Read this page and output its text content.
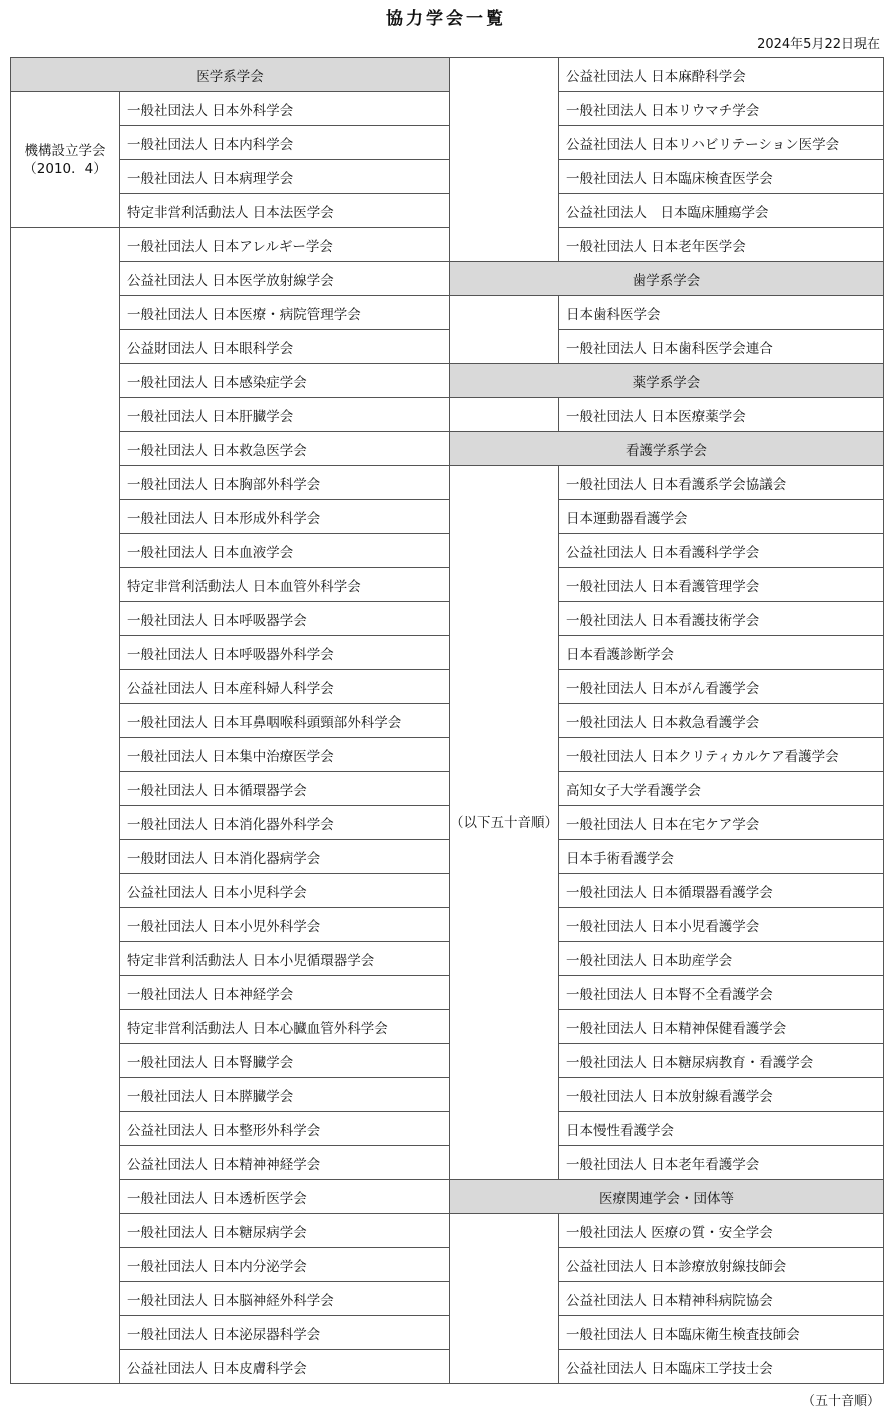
協力学会一覧
2024年5月22日現在
医学系学会
機構設立学会
（2010．4）
一般社団法人 日本外科学会
一般社団法人 日本内科学会
一般社団法人 日本病理学会
特定非営利活動法人 日本法医学会
一般社団法人 日本アレルギー学会
公益社団法人 日本医学放射線学会
一般社団法人 日本医療・病院管理学会
公益財団法人 日本眼科学会
一般社団法人 日本感染症学会
一般社団法人 日本肝臓学会
一般社団法人 日本救急医学会
一般社団法人 日本胸部外科学会
一般社団法人 日本形成外科学会
一般社団法人 日本血液学会
特定非営利活動法人 日本血管外科学会
一般社団法人 日本呼吸器学会
一般社団法人 日本呼吸器外科学会
公益社団法人 日本産科婦人科学会
一般社団法人 日本耳鼻咽喉科頭頸部外科学会
一般社団法人 日本集中治療医学会
一般社団法人 日本循環器学会
一般社団法人 日本消化器外科学会
一般財団法人 日本消化器病学会
公益社団法人 日本小児科学会
一般社団法人 日本小児外科学会
特定非営利活動法人 日本小児循環器学会
一般社団法人 日本神経学会
特定非営利活動法人 日本心臓血管外科学会
一般社団法人 日本腎臓学会
一般社団法人 日本膵臓学会
公益社団法人 日本整形外科学会
公益社団法人 日本精神神経学会
一般社団法人 日本透析医学会
一般社団法人 日本糖尿病学会
一般社団法人 日本内分泌学会
一般社団法人 日本脳神経外科学会
一般社団法人 日本泌尿器科学会
公益社団法人 日本皮膚科学会
公益社団法人 日本麻酔科学会
一般社団法人 日本リウマチ学会
公益社団法人 日本リハビリテーション医学会
一般社団法人 日本臨床検査医学会
公益社団法人　日本臨床腫瘍学会
一般社団法人 日本老年医学会
歯学系学会
日本歯科医学会
一般社団法人 日本歯科医学会連合
薬学系学会
一般社団法人 日本医療薬学会
看護学系学会
一般社団法人 日本看護系学会協議会
日本運動器看護学会
公益社団法人 日本看護科学学会
一般社団法人 日本看護管理学会
一般社団法人 日本看護技術学会
日本看護診断学会
一般社団法人 日本がん看護学会
一般社団法人 日本救急看護学会
一般社団法人 日本クリティカルケア看護学会
高知女子大学看護学会
一般社団法人 日本在宅ケア学会
日本手術看護学会
一般社団法人 日本循環器看護学会
一般社団法人 日本小児看護学会
一般社団法人 日本助産学会
一般社団法人 日本腎不全看護学会
一般社団法人 日本精神保健看護学会
一般社団法人 日本糖尿病教育・看護学会
一般社団法人 日本放射線看護学会
日本慢性看護学会
一般社団法人 日本老年看護学会
医療関連学会・団体等
一般社団法人 医療の質・安全学会
公益社団法人 日本診療放射線技師会
公益社団法人 日本精神科病院協会
一般社団法人 日本臨床衛生検査技師会
公益社団法人 日本臨床工学技士会
（以下五十音順）
（五十音順）
